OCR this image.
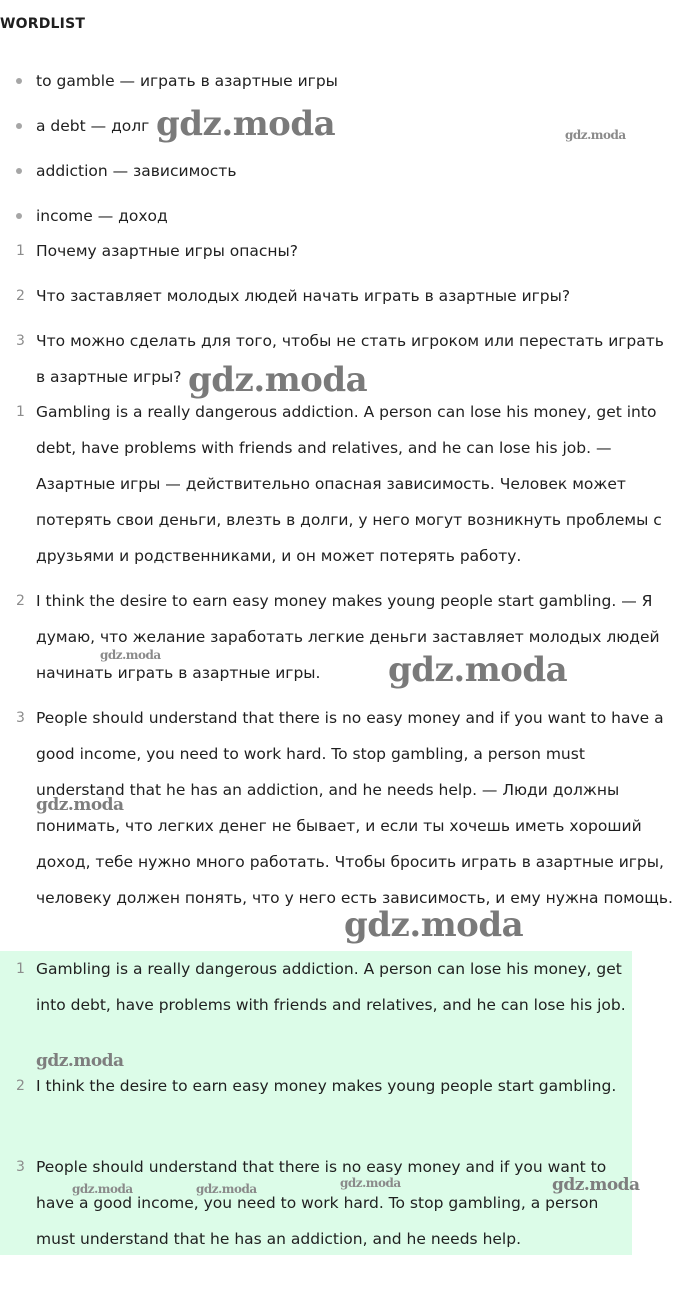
WORDLIST
to gamble — играть в азартные игры
a debt — долг
addiction — зависимость
income — доход
1 Почему азартные игры опасны?
2 Что заставляет молодых людей начать играть в азартные игры?
3 Что можно сделать для того, чтобы не стать игроком или перестать играть в азартные игры?
1 Gambling is a really dangerous addiction. A person can lose his money, get into debt, have problems with friends and relatives, and he can lose his job. — Азартные игры — действительно опасная зависимость. Человек может потерять свои деньги, влезть в долги, у него могут возникнуть проблемы с друзьями и родственниками, и он может потерять работу.
2 I think the desire to earn easy money makes young people start gambling. — Я думаю, что желание заработать легкие деньги заставляет молодых людей начинать играть в азартные игры.
3 People should understand that there is no easy money and if you want to have a good income, you need to work hard. To stop gambling, a person must understand that he has an addiction, and he needs help. — Люди должны понимать, что легких денег не бывает, и если ты хочешь иметь хороший доход, тебе нужно много работать. Чтобы бросить играть в азартные игры, человеку должен понять, что у него есть зависимость, и ему нужна помощь.
1 Gambling is a really dangerous addiction. A person can lose his money, get into debt, have problems with friends and relatives, and he can lose his job.
2 I think the desire to earn easy money makes young people start gambling.
3 People should understand that there is no easy money and if you want to have a good income, you need to work hard. To stop gambling, a person must understand that he has an addiction, and he needs help.
gdz.moda	gdz.moda
gdz.moda
gdz.moda	gdz.moda
gdz.moda
gdz.moda
gdz.moda
gdz.moda	gdz.moda	gdz.moda	gdz.moda
